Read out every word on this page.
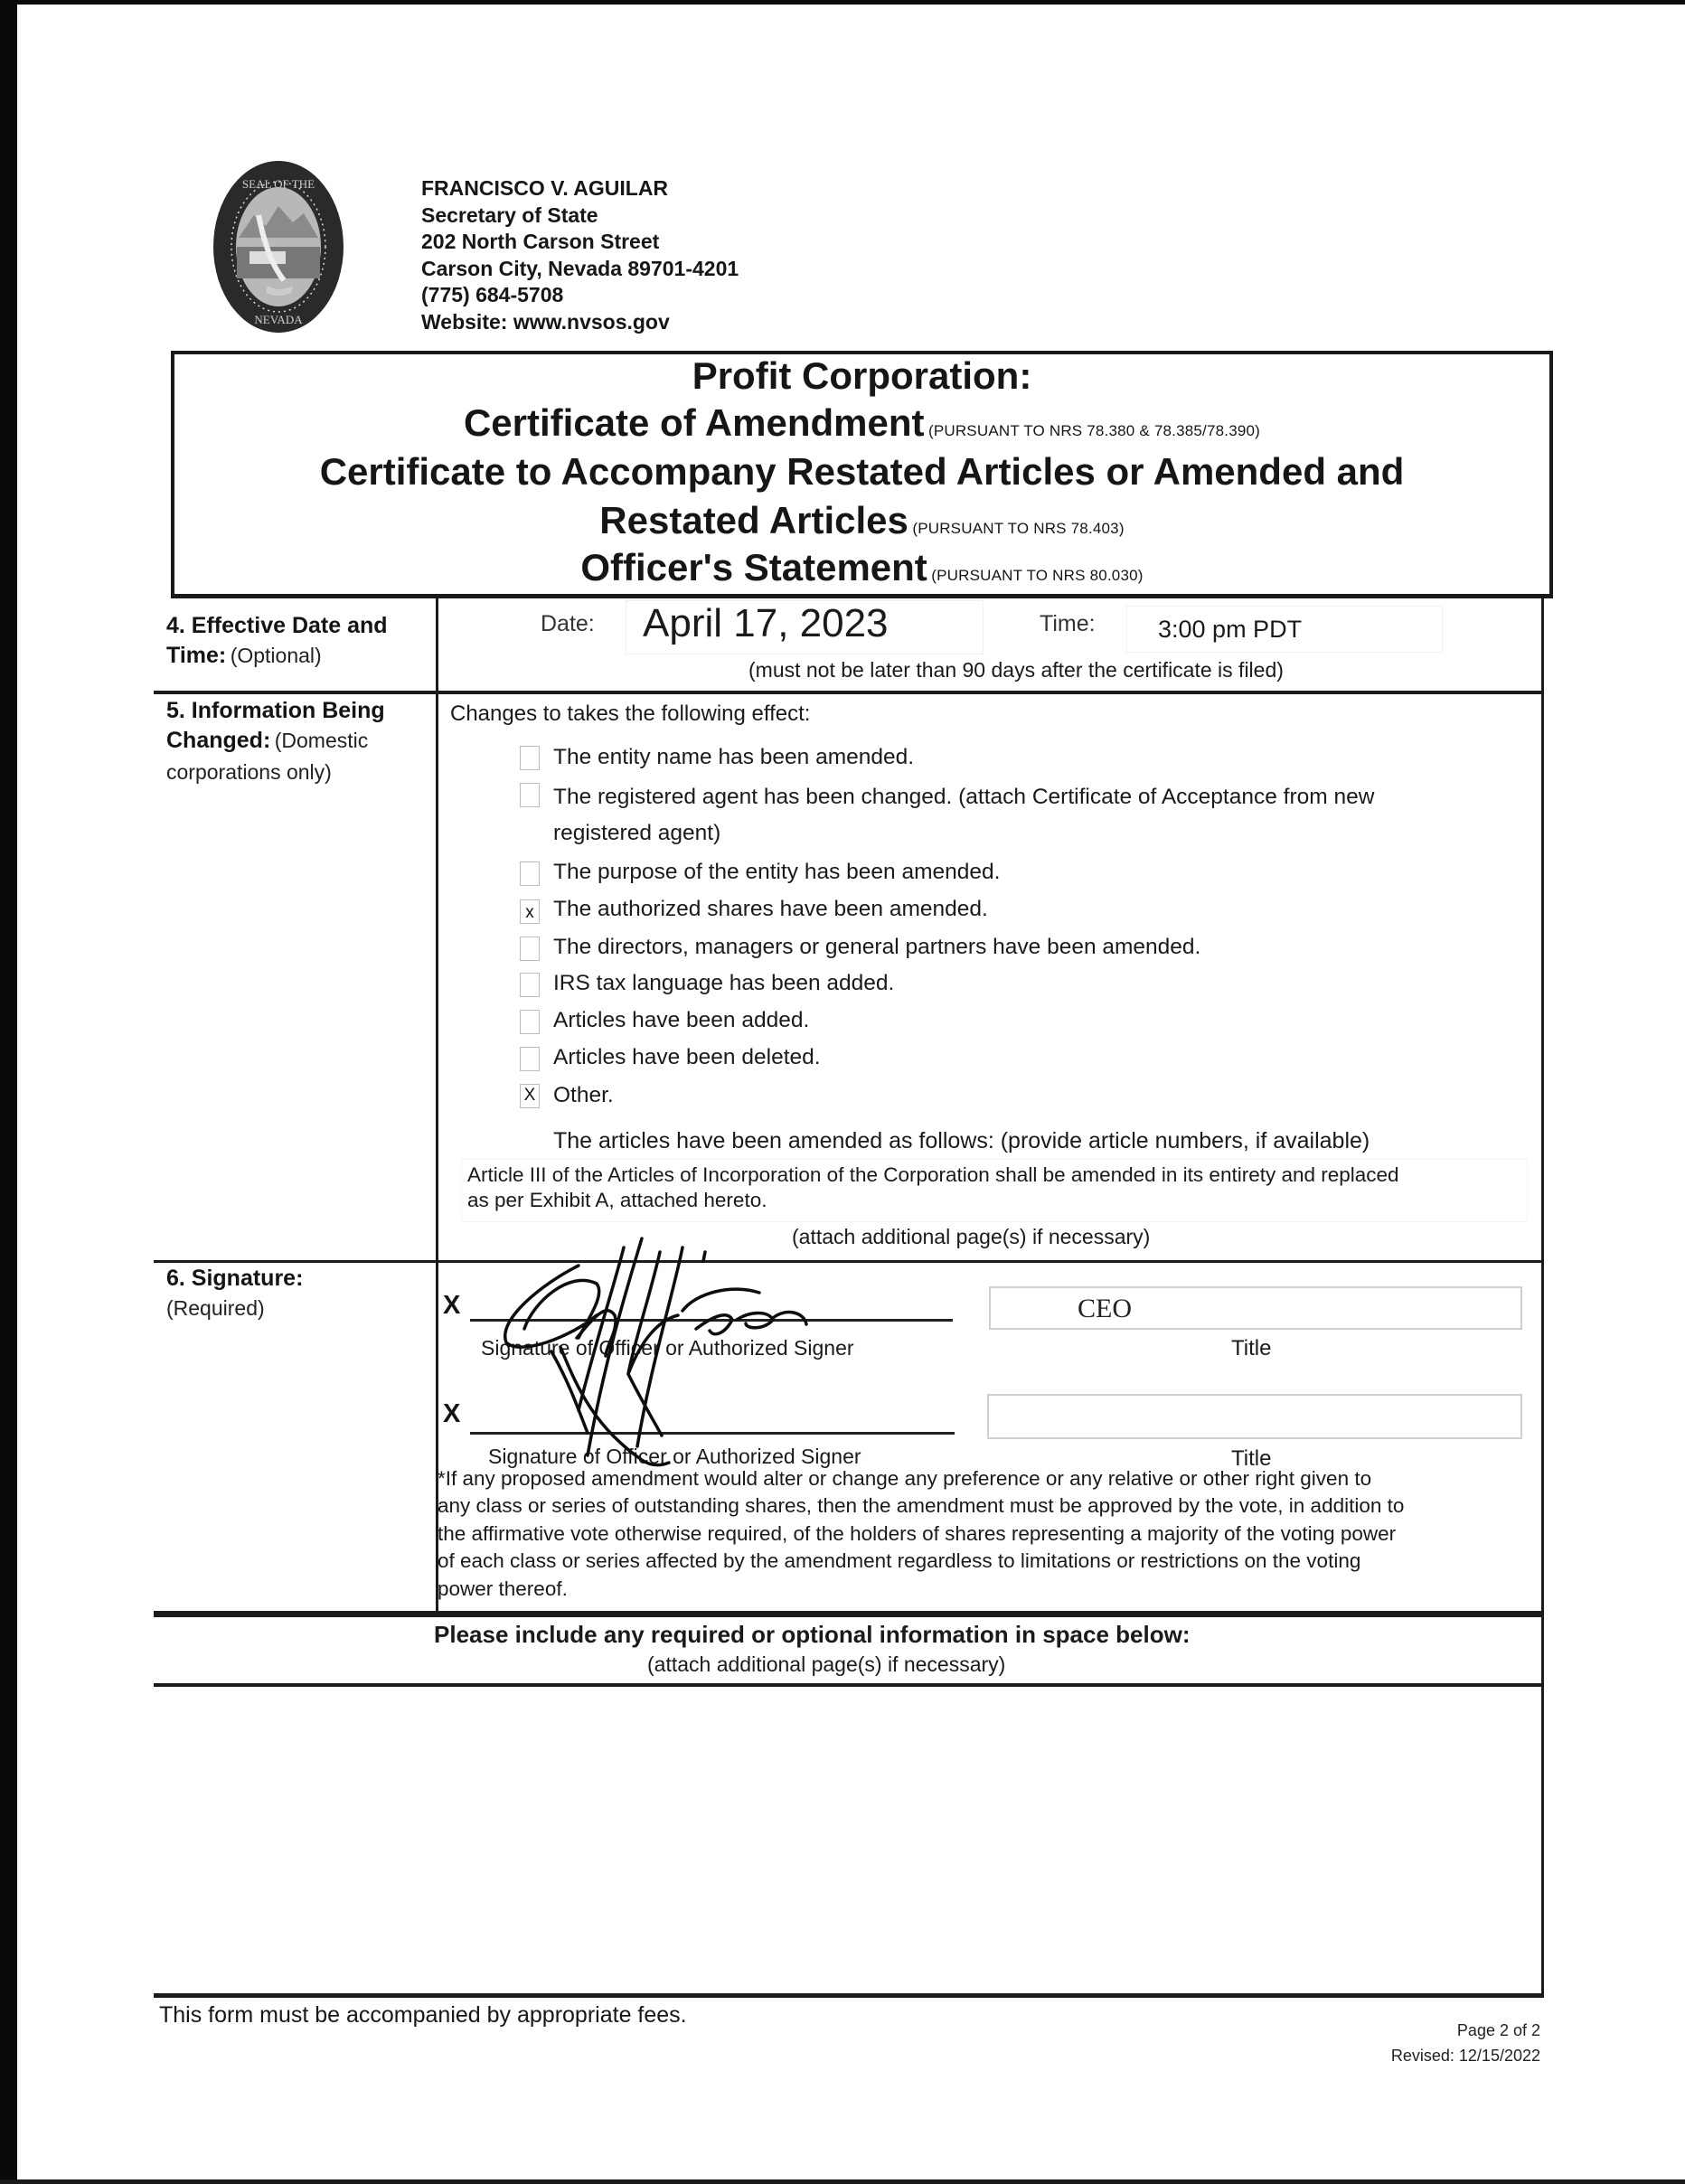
SEAL OF THE
NEVADA
FRANCISCO V. AGUILAR
Secretary of State
202 North Carson Street
Carson City, Nevada 89701-4201
(775) 684-5708
Website: www.nvsos.gov
Profit Corporation:
Certificate of Amendment (PURSUANT TO NRS 78.380 & 78.385/78.390)
Certificate to Accompany Restated Articles or Amended and
Restated Articles (PURSUANT TO NRS 78.403)
Officer's Statement (PURSUANT TO NRS 80.030)
4. Effective Date and
Time: (Optional)
Date: April 17, 2023	Time:	3:00 pm PDT
(must not be later than 90 days after the certificate is filed)
5. Information Being
Changed: (Domestic
corporations only)
Changes to takes the following effect:
The entity name has been amended.
The registered agent has been changed. (attach Certificate of Acceptance from new
registered agent)
The purpose of the entity has been amended.
x The authorized shares have been amended.
The directors, managers or general partners have been amended.
IRS tax language has been added.
Articles have been added.
Articles have been deleted.
X Other.
The articles have been amended as follows: (provide article numbers, if available)
Article III of the Articles of Incorporation of the Corporation shall be amended in its entirety and replaced
as per Exhibit A, attached hereto.
(attach additional page(s) if necessary)
6. Signature:
(Required)	X
Signature of Officer or Authorized Signer
CEO
Title
X
Signature of Officer or Authorized Signer	Title
*If any proposed amendment would alter or change any preference or any relative or other right given to
any class or series of outstanding shares, then the amendment must be approved by the vote, in addition to
the affirmative vote otherwise required, of the holders of shares representing a majority of the voting power
of each class or series affected by the amendment regardless to limitations or restrictions on the voting
power thereof.
Please include any required or optional information in space below:
(attach additional page(s) if necessary)
This form must be accompanied by appropriate fees.
Page 2 of 2
Revised: 12/15/2022
